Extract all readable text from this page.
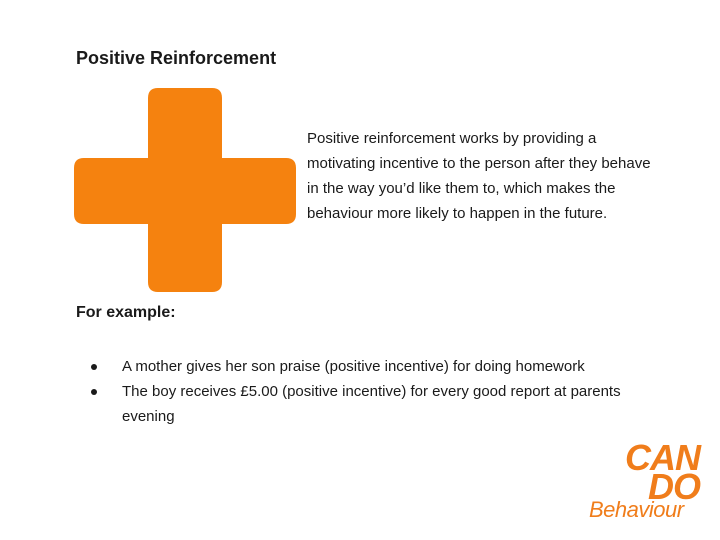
Positive Reinforcement

Positive reinforcement works by providing a motivating incentive to the person after they behave in the way you’d like them to, which makes the behaviour more likely to happen in the future.

For example:

A mother gives her son praise (positive incentive) for doing homework
The boy receives £5.00 (positive incentive) for every good report at parents evening
CAN
DO
Behaviour
